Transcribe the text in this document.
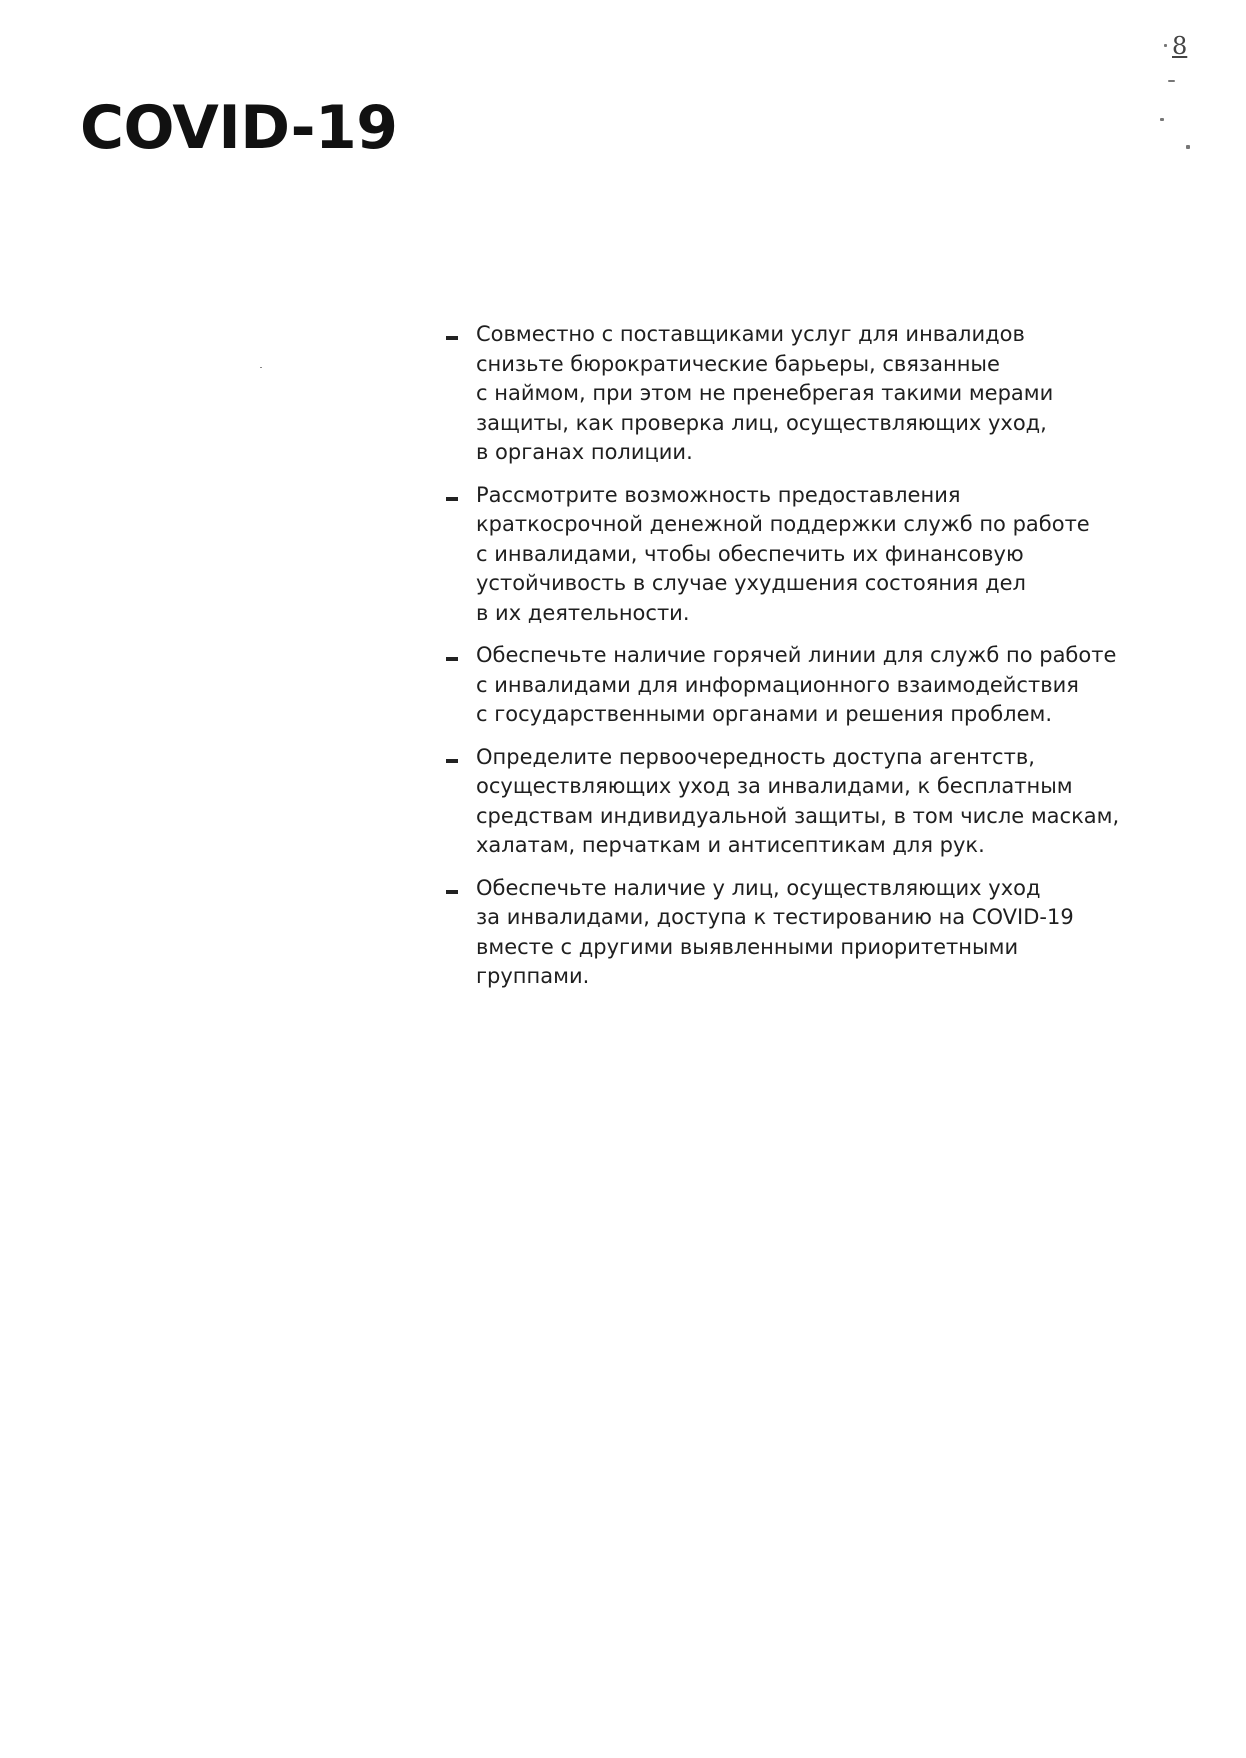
COVID-19
8
Совместно с поставщиками услуг для инвалидов
снизьте бюрократические барьеры, связанные
с наймом, при этом не пренебрегая такими мерами
защиты, как проверка лиц, осуществляющих уход,
в органах полиции.
Рассмотрите возможность предоставления
краткосрочной денежной поддержки служб по работе
с инвалидами, чтобы обеспечить их финансовую
устойчивость в случае ухудшения состояния дел
в их деятельности.
Обеспечьте наличие горячей линии для служб по работе
с инвалидами для информационного взаимодействия
с государственными органами и решения проблем.
Определите первоочередность доступа агентств,
осуществляющих уход за инвалидами, к бесплатным
средствам индивидуальной защиты, в том числе маскам,
халатам, перчаткам и антисептикам для рук.
Обеспечьте наличие у лиц, осуществляющих уход
за инвалидами, доступа к тестированию на COVID-19
вместе с другими выявленными приоритетными
группами.
